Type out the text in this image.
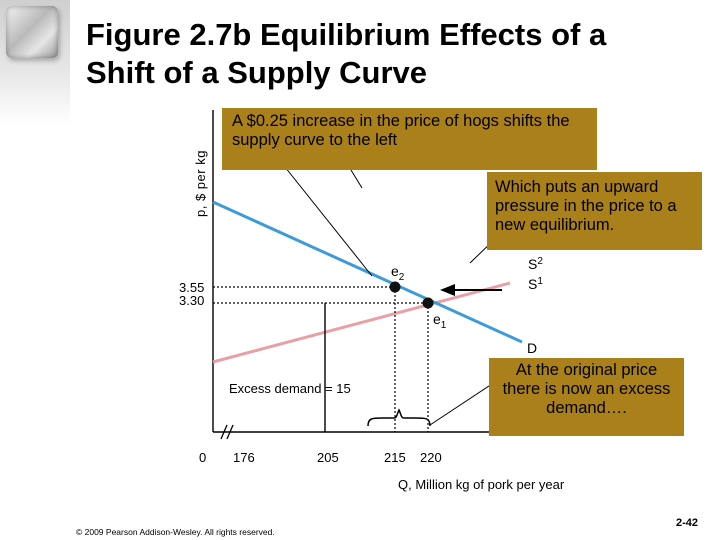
Figure 2.7b Equilibrium Effects of a
Shift of a Supply Curve
p, $ per kg
3.55
3.30
0 176	205	215 220
Q, Million kg of pork per year
Excess demand = 15
$e_2$
$e_1$
$S^2$
$S^1$
D
A $0.25 increase in the price of hogs shifts the supply curve to the left
Which puts an upward pressure in the price to a new equilibrium.
At the original price there is now an excess demand….
© 2009 Pearson Addison-Wesley. All rights reserved.
2-42
